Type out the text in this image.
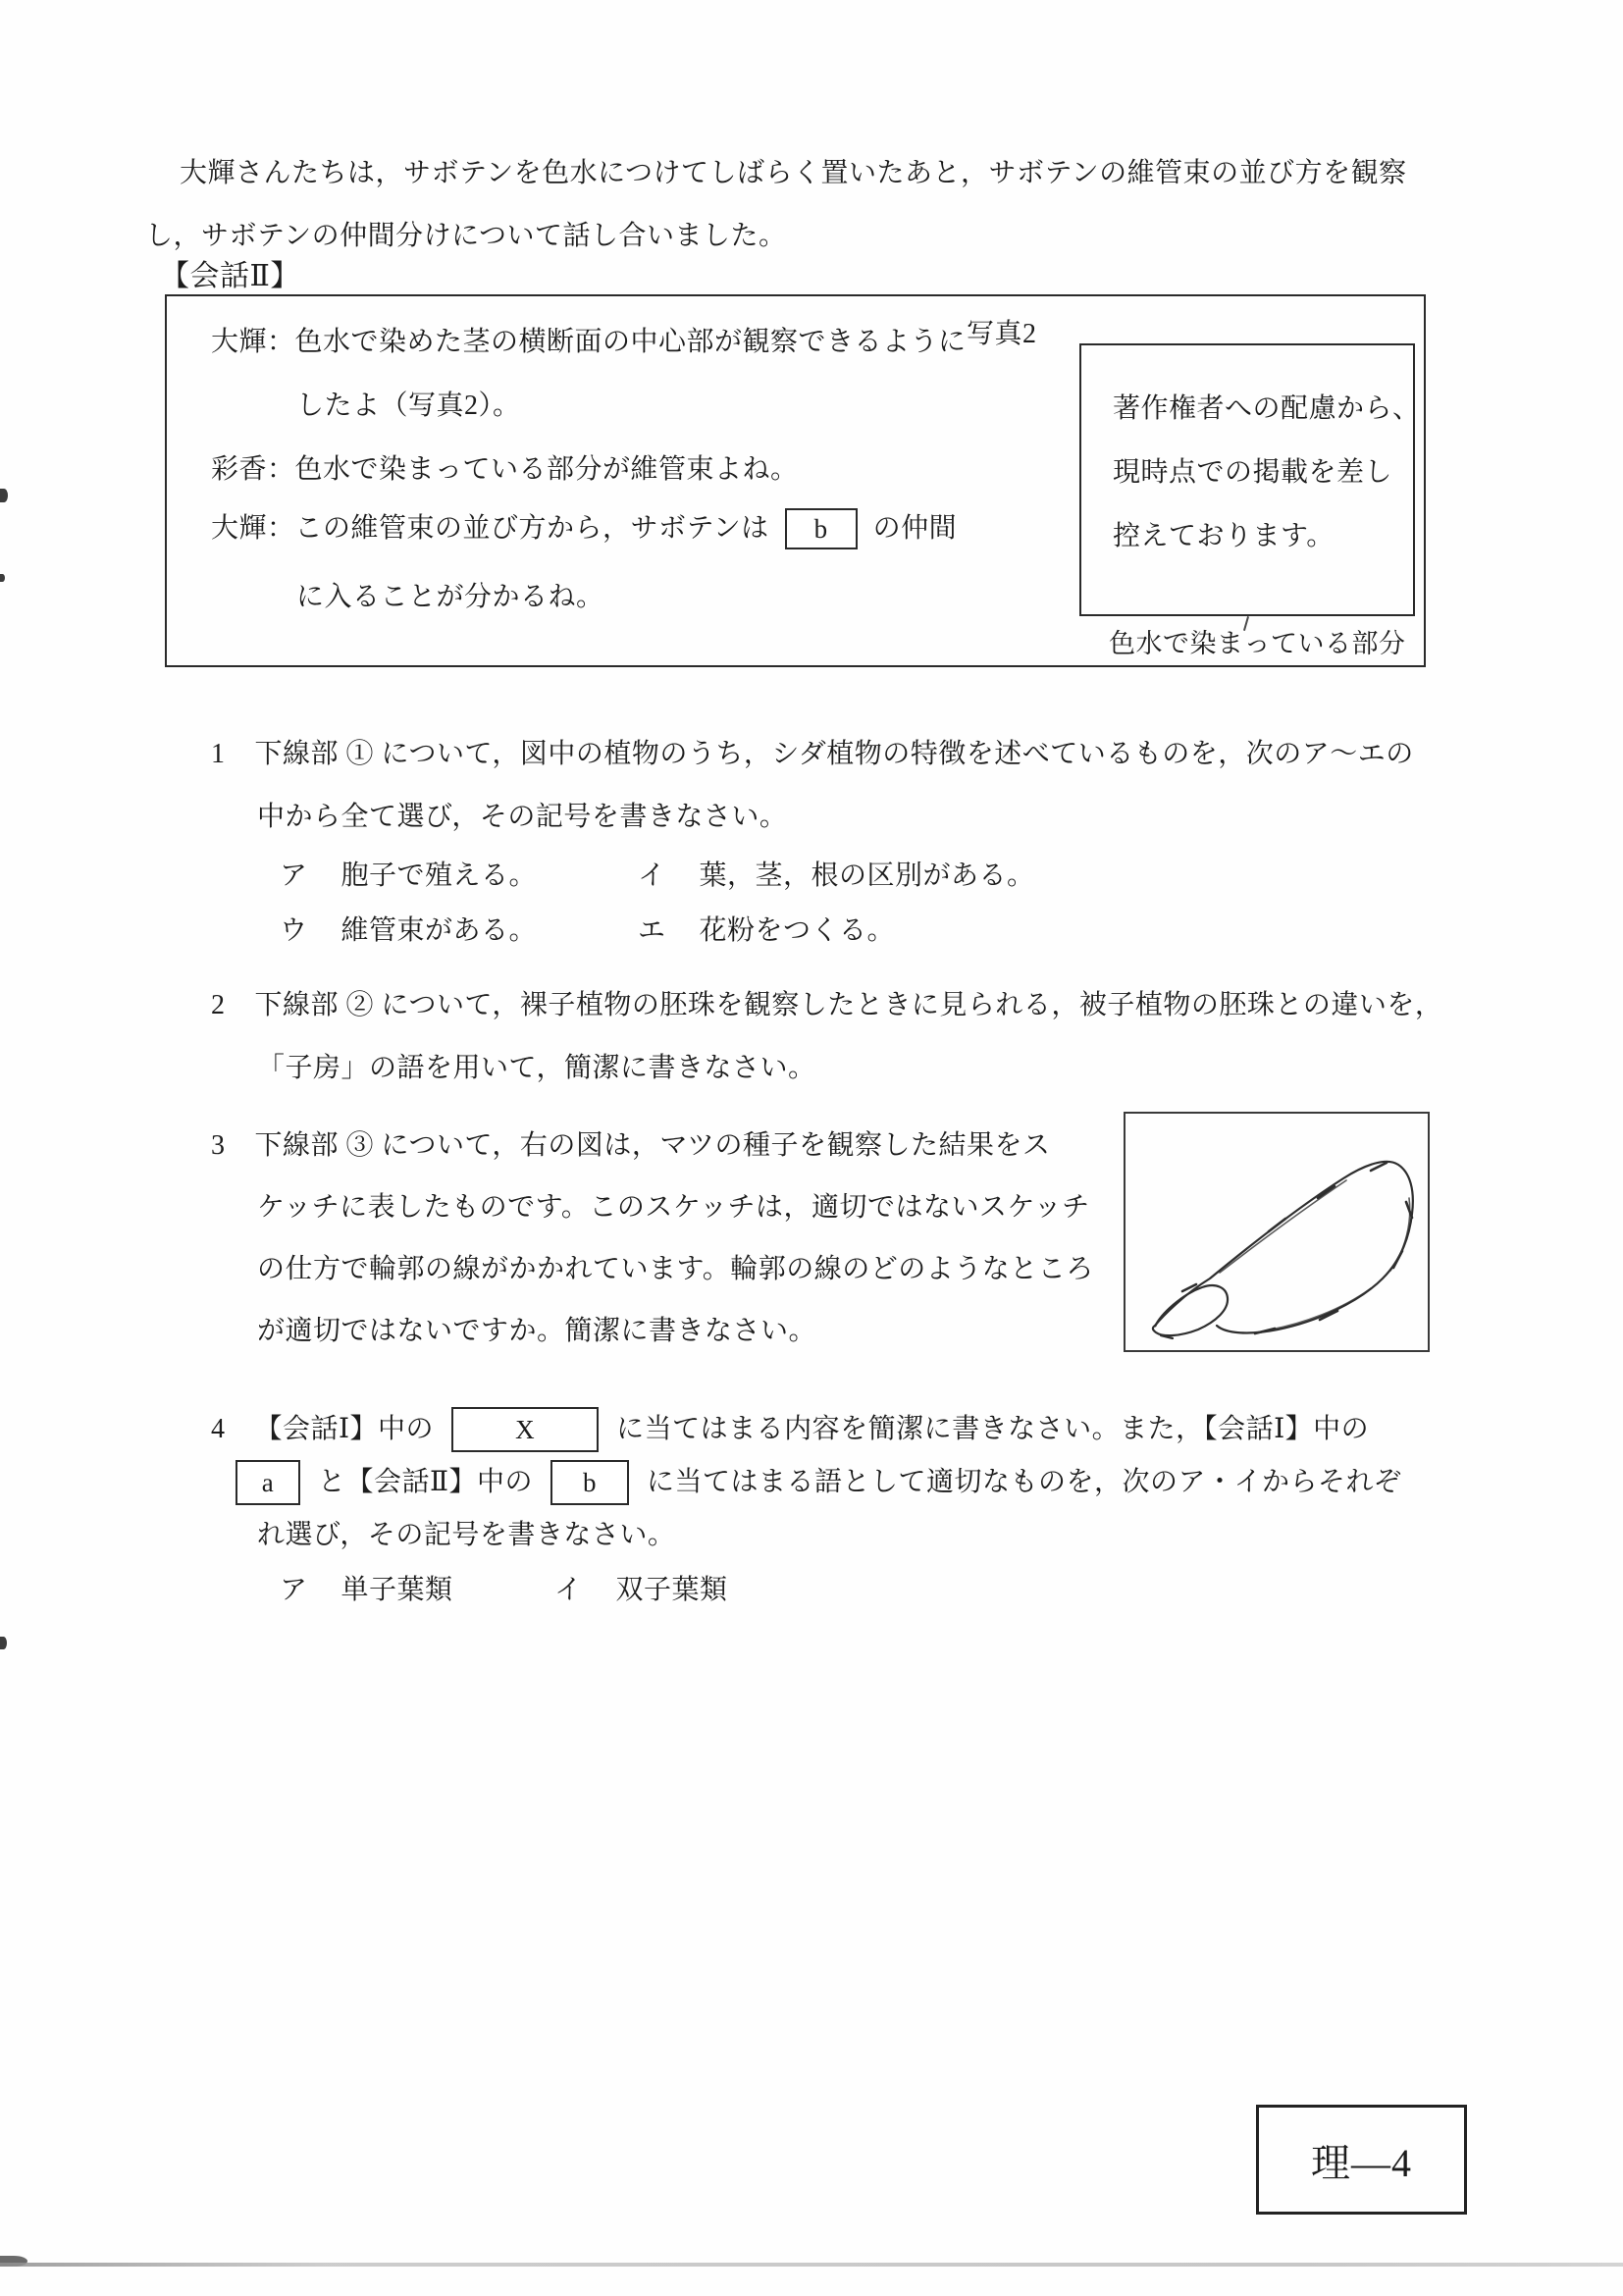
大輝さんたちは，サボテンを色水につけてしばらく置いたあと，サボテンの維管束の並び方を観察
し，サボテンの仲間分けについて話し合いました。
【会話Ⅱ】
大輝：色水で染めた茎の横断面の中心部が観察できるように
したよ（写真2）。
彩香：色水で染まっている部分が維管束よね。
大輝： この維管束の並び方から，サボテンは	b	の仲間
に入ることが分かるね。
写真2
著作権者への配慮から、
現時点での掲載を差し
控えております。
色水で染まっている部分
1 下線部 ① について，図中の植物のうち，シダ植物の特徴を述べているものを，次のア～エの
中から全て選び，その記号を書きなさい。
ア 胞子で殖える。	イ 葉，茎，根の区別がある。
ウ 維管束がある。	エ 花粉をつくる。
2 下線部 ② について，裸子植物の胚珠を観察したときに見られる，被子植物の胚珠との違いを，
「子房」の語を用いて，簡潔に書きなさい。
3 下線部 ③ について，右の図は，マツの種子を観察した結果をス
ケッチに表したものです。このスケッチは，適切ではないスケッチ
の仕方で輪郭の線がかかれています。輪郭の線のどのようなところ
が適切ではないですか。簡潔に書きなさい。
4 【会話Ⅰ】中の	X	に当てはまる内容を簡潔に書きなさい。また，【会話Ⅰ】中の
a	と【会話Ⅱ】中の	b	に当てはまる語として適切なものを，次のア・イからそれぞ
れ選び，その記号を書きなさい。
ア 単子葉類	イ 双子葉類
理—4
